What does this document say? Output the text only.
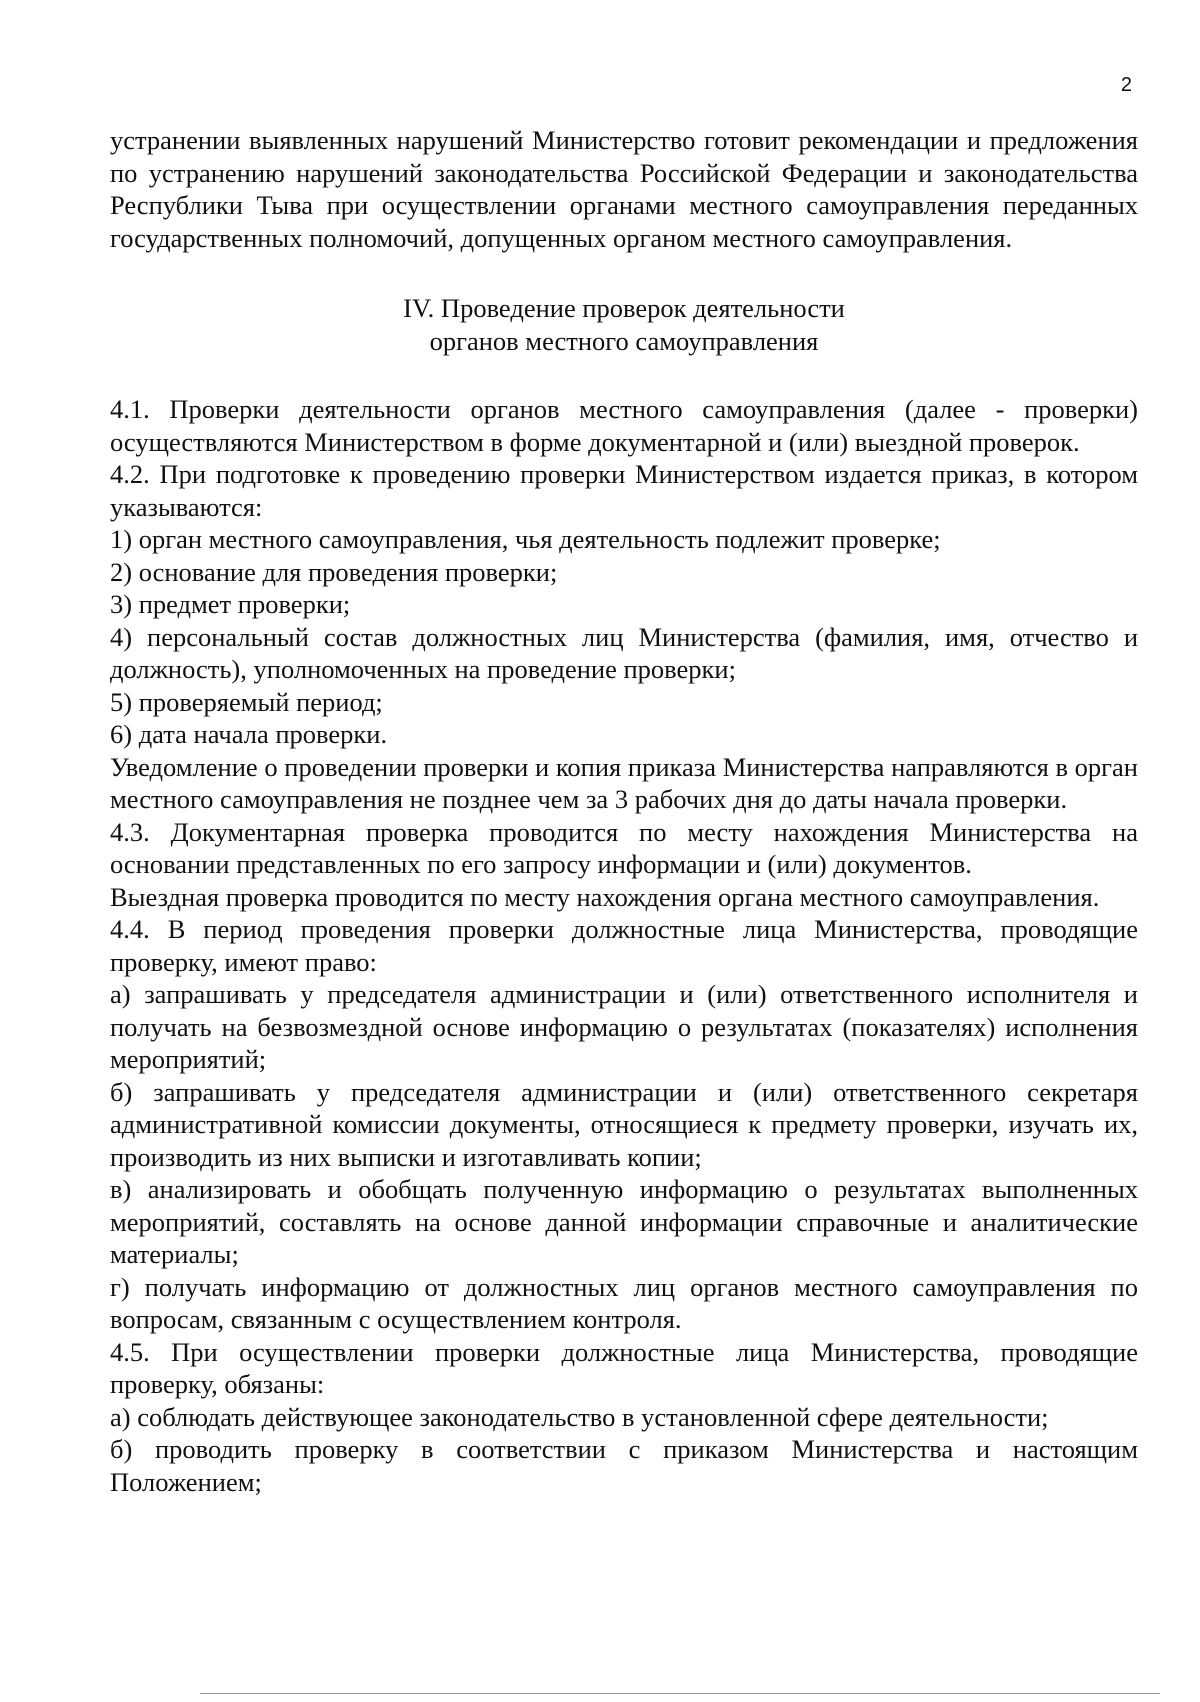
2

устранении выявленных нарушений Министерство готовит рекомендации и предложения по устранению нарушений законодательства Российской Федерации и законодательства Республики Тыва при осуществлении органами местного самоуправления переданных государственных полномочий, допущенных органом местного самоуправления.

IV. Проведение проверок деятельности
органов местного самоуправления

4.1. Проверки деятельности органов местного самоуправления (далее - проверки) осуществляются Министерством в форме документарной и (или) выездной проверок.

4.2. При подготовке к проведению проверки Министерством издается приказ, в котором указываются:

1) орган местного самоуправления, чья деятельность подлежит проверке;

2) основание для проведения проверки;

3) предмет проверки;

4) персональный состав должностных лиц Министерства (фамилия, имя, отчество и должность), уполномоченных на проведение проверки;

5) проверяемый период;

6) дата начала проверки.

Уведомление о проведении проверки и копия приказа Министерства направляются в орган местного самоуправления не позднее чем за 3 рабочих дня до даты начала проверки.

4.3. Документарная проверка проводится по месту нахождения Министерства на основании представленных по его запросу информации и (или) документов.

Выездная проверка проводится по месту нахождения органа местного самоуправления.

4.4. В период проведения проверки должностные лица Министерства, проводящие проверку, имеют право:

а) запрашивать у председателя администрации и (или) ответственного исполнителя и получать на безвозмездной основе информацию о результатах (показателях) исполнения мероприятий;

б) запрашивать у председателя администрации и (или) ответственного секретаря административной комиссии документы, относящиеся к предмету проверки, изучать их, производить из них выписки и изготавливать копии;

в) анализировать и обобщать полученную информацию о результатах выполненных мероприятий, составлять на основе данной информации справочные и аналитические материалы;

г) получать информацию от должностных лиц органов местного самоуправления по вопросам, связанным с осуществлением контроля.

4.5. При осуществлении проверки должностные лица Министерства, проводящие проверку, обязаны:

а) соблюдать действующее законодательство в установленной сфере деятельности;

б) проводить проверку в соответствии с приказом Министерства и настоящим Положением;
